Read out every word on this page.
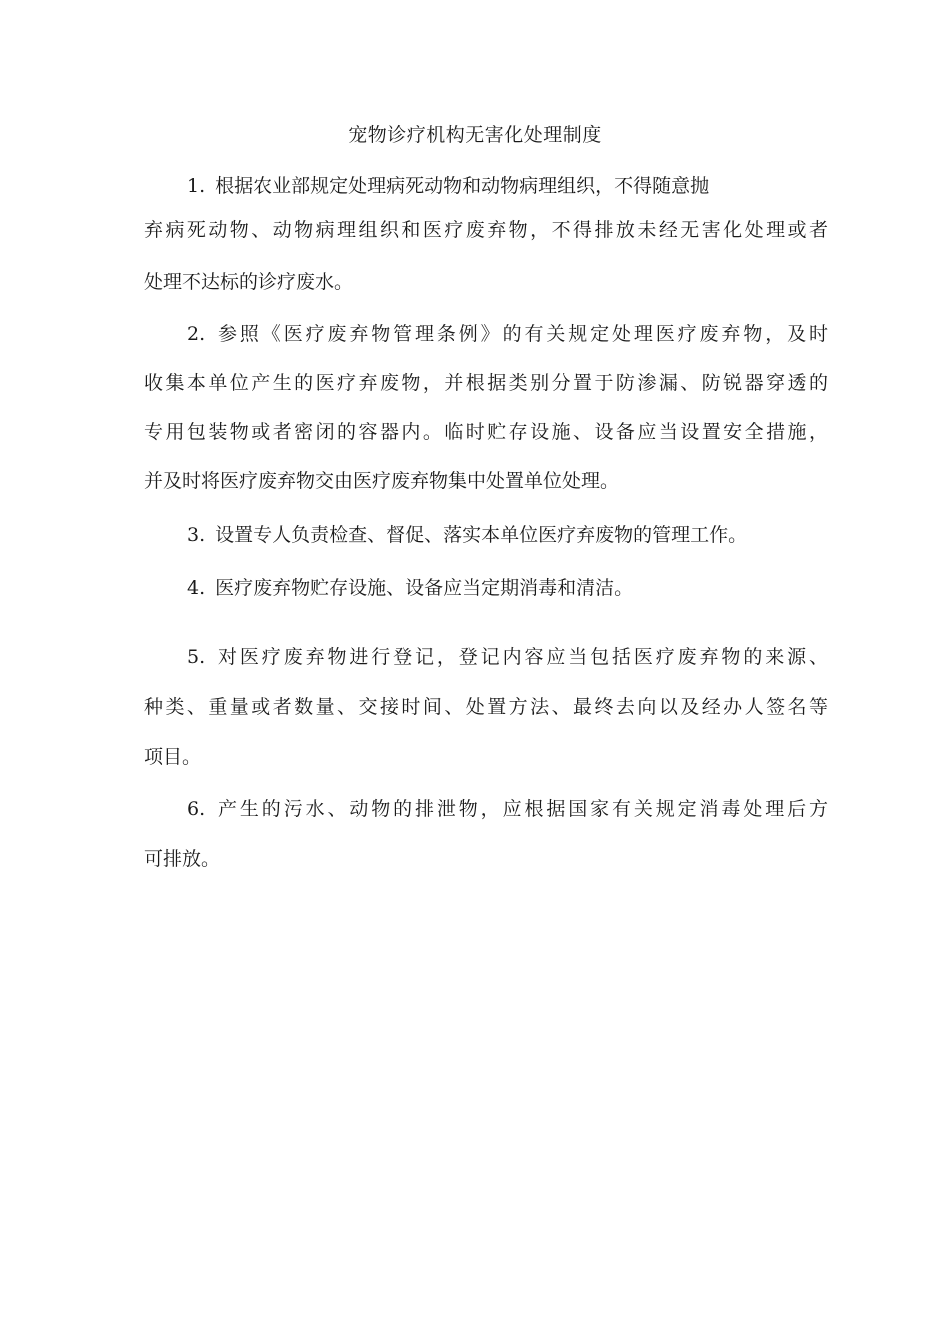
宠物诊疗机构无害化处理制度
1. 根据农业部规定处理病死动物和动物病理组织，不得随意抛
弃病死动物、动物病理组织和医疗废弃物，不得排放未经无害化处理或者
处理不达标的诊疗废水。
2. 参照《医疗废弃物管理条例》的有关规定处理医疗废弃物，及时
收集本单位产生的医疗弃废物，并根据类别分置于防渗漏、防锐器穿透的
专用包装物或者密闭的容器内。临时贮存设施、设备应当设置安全措施，
并及时将医疗废弃物交由医疗废弃物集中处置单位处理。
3. 设置专人负责检查、督促、落实本单位医疗弃废物的管理工作。
4. 医疗废弃物贮存设施、设备应当定期消毒和清洁。
5. 对医疗废弃物进行登记，登记内容应当包括医疗废弃物的来源、
种类、重量或者数量、交接时间、处置方法、最终去向以及经办人签名等
项目。
6. 产生的污水、动物的排泄物，应根据国家有关规定消毒处理后方
可排放。
